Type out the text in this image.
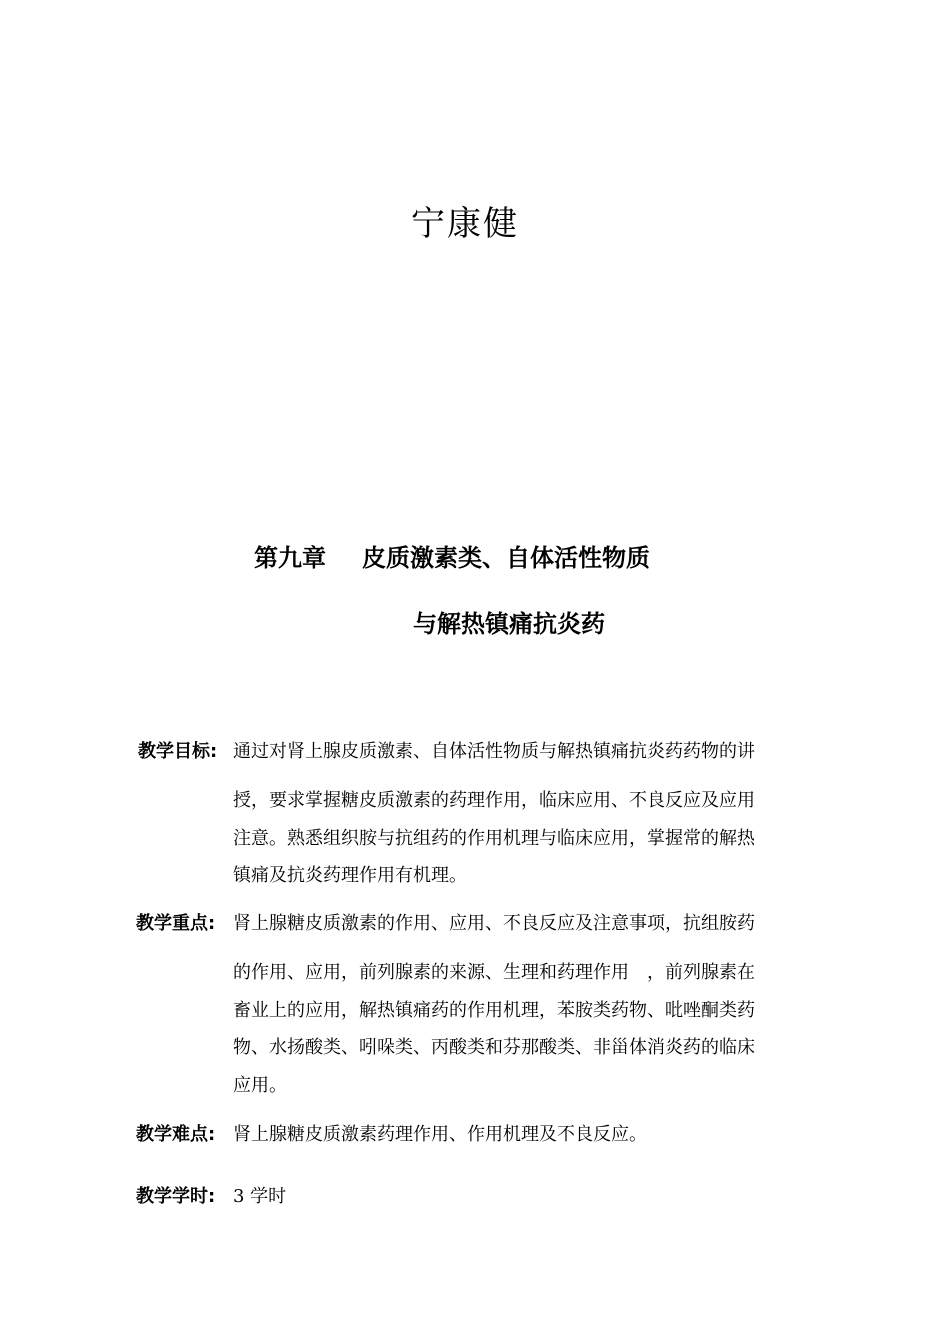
宁康健
第九章 皮质激素类、自体活性物质
与解热镇痛抗炎药
教学目标: 通过对肾上腺皮质激素、自体活性物质与解热镇痛抗炎药药物的讲
授，要求掌握糖皮质激素的药理作用，临床应用、不良反应及应用
注意。熟悉组织胺与抗组药的作用机理与临床应用，掌握常的解热
镇痛及抗炎药理作用有机理。
教学重点: 肾上腺糖皮质激素的作用、应用、不良反应及注意事项，抗组胺药
的作用、应用，前列腺素的来源、生理和药理作用　，前列腺素在
畜业上的应用，解热镇痛药的作用机理，苯胺类药物、吡唑酮类药
物、水扬酸类、吲哚类、丙酸类和芬那酸类、非甾体消炎药的临床
应用。
教学难点: 肾上腺糖皮质激素药理作用、作用机理及不良反应。
教学学时: 3 学时
